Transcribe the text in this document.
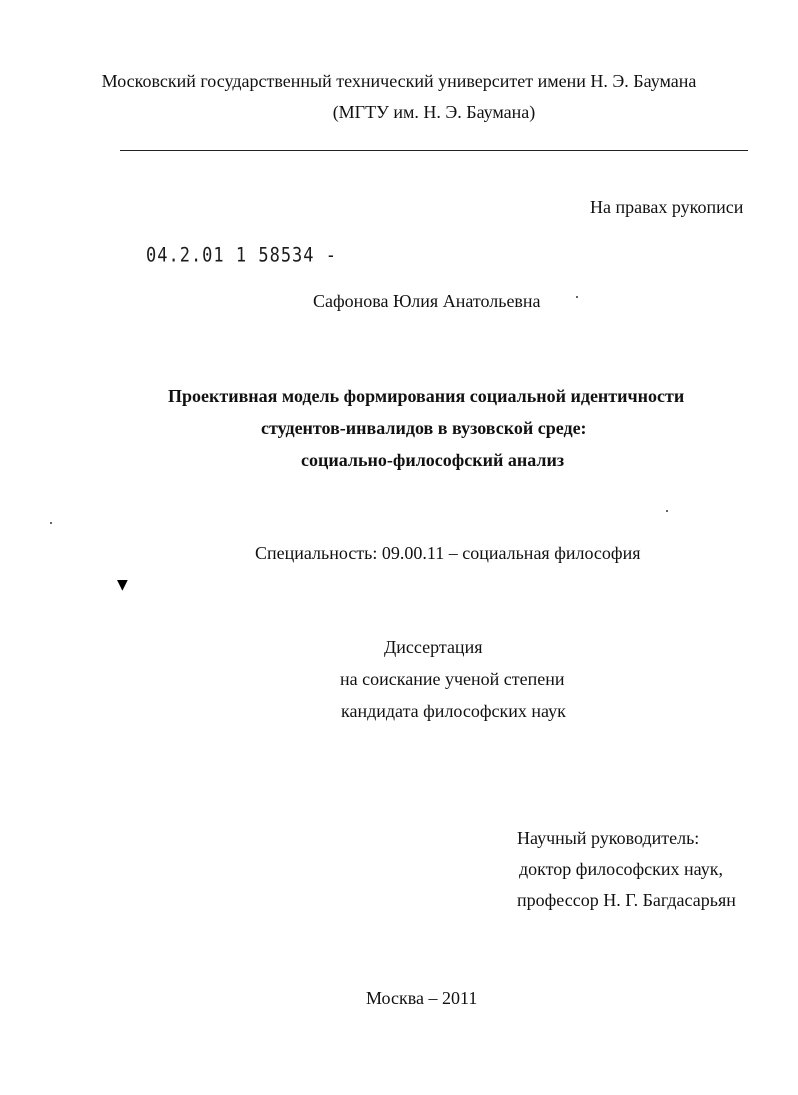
Московский государственный технический университет имени Н. Э. Баумана
(МГТУ им. Н. Э. Баумана)
На правах рукописи
04.2.01 1 58534 -
Сафонова Юлия Анатольевна
Проективная модель формирования социальной идентичности
студентов-инвалидов в вузовской среде:
социально-философский анализ
Специальность: 09.00.11 – социальная философия
▼
Диссертация
на соискание ученой степени
кандидата философских наук
Научный руководитель:
доктор философских наук,
профессор Н. Г. Багдасарьян
Москва – 2011
